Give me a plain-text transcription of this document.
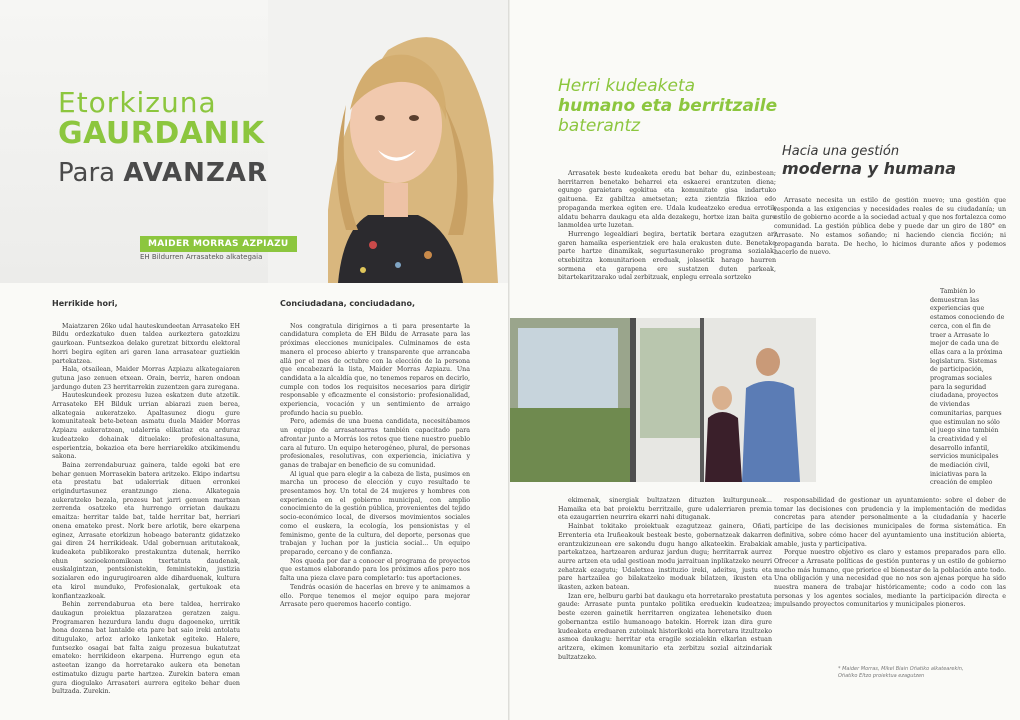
Etorkizuna
GAURDANIK
Para AVANZAR
MAIDER MORRAS AZPIAZU
EH Bildurren Arrasateko alkategaia

Herrikide hori,

Maiatzaren 26ko udal hauteskundeetan Arrasateko EH Bildu ordezkatuko duen taldea aurkeztera gatozkizu gaurkoan. Funtsezkoa delako guretzat bitxordu elektoral horri begira egiten ari garen lana arrasatear guztiekin partekatzea.

Hala, otsailean, Maider Morras Azpiazu alkategaiaren gutuna jaso zenuen etxean. Orain, berriz, haren ondoan jardungo duten 23 herritarrekin zuzentzen gara zuregana.

Hauteskundeek prozesu luzea eskatzen dute atzetik. Arrasateko EH Bilduk urrian abiarazi zuen berea, alkategaia aukeratzeko. Apaltasunez diogu gure komunitateak bete-betean asmatu duela Maider Morras Azpiazu aukeratzean, udalerria elikatiaz eta arduraz kudeatzeko dohainak dituelako: profesionaltasuna, esperientzia, bokazioa eta bere herriarekiko atxikimendu sakona.

Baina zerrendaburuaz gainera, talde egoki bat ere behar genuen Morrasekin batera aritzeko. Ekipo indartsu eta prestatu bat udalerriak dituen erronkei erigindurtasunez erantzungo ziena. Alkategaia aukeratzeko bezala, prozesu bat jarri genuen martxan zerrenda osatzeko eta hurrengo orrietan daukazu emaitza: herritar talde bat, talde herritar bat, herriari onena emateko prest. Nork bere arlotik, bere ekarpena eginez, Arrasate etorkizun hobeago baterantz gidatzeko gai diren 24 herrikideak. Udal gobernuan aritutakoak, kudeaketa publikorako prestakuntza dutenak, herriko ehun sozioekonomikoan txertatuta daudenak, euskalgintzan, pentsionistekin, feministekin, justizia sozialaren edo ingurugiroaren alde diharduenak, kultura eta kirol munduko, Profesionalak, gertukoak eta konfiantzazkoak.

Behin zerrendaburua eta bere taldea, herrirako daukagun proiektua plazaratzea geratzen zaigu. Programaren hezurdura landu dugu dagoeneko, urritik hona dozena bat lantalde eta pare bat saio ireki antolatu ditugulako, arloz arloko lanketak egiteko. Halere, funtsezko osagai bat falta zaigu prozesua bukatutzat emateko: herrikideon ekarpena. Hurrengo egun eta asteetan izango da horretarako aukera eta benetan estimatuko dizugu parte hartzea. Zurekin batera eman gura diogulako Arrasateri aurrera egiteko behar duen bultzada. Zurekin.

Conciudadana, conciudadano,

Nos congratula dirigirnos a ti para presentarte la candidatura completa de EH Bildu de Arrasate para las próximas elecciones municipales. Culminamos de esta manera el proceso abierto y transparente que arrancaba allá por el mes de octubre con la elección de la persona que encabezará la lista, Maider Morras Azpiazu. Una candidata a la alcaldía que, no tenemos reparos en decirlo, cumple con todos los requisitos necesarios para dirigir responsable y eficazmente el consistorio: profesionalidad, experiencia, vocación y un sentimiento de arraigo profundo hacia su pueblo.

Pero, además de una buena candidata, necesitábamos un equipo de arrasatearras también capacitado para afrontar junto a Morrás los retos que tiene nuestro pueblo cara al futuro. Un equipo heterogéneo, plural, de personas profesionales, resolutivas, con experiencia, iniciativa y ganas de trabajar en beneficio de su comunidad.

Al igual que para elegir a la cabeza de lista, pusimos en marcha un proceso de elección y cuyo resultado te presentamos hoy. Un total de 24 mujeres y hombres con experiencia en el gobierno municipal, con amplio conocimiento de la gestión pública, provenientes del tejido socio-económico local, de diversos movimientos sociales como el euskera, la ecología, los pensionistas y el feminismo, gente de la cultura, del deporte, personas que trabajan y luchan por la justicia social... Un equipo preparado, cercano y de confianza.

Nos queda por dar a conocer el programa de proyectos que estamos elaborando para los próximos años pero nos falta una pieza clave para completarlo: tus aportaciones.

Tendrás ocasión de hacerlas en breve y te animamos a ello. Porque tenemos el mejor equipo para mejorar Arrasate pero queremos hacerlo contigo.

Herri kudeaketa
humano eta berritzaile
baterantz
Hacia una gestión
moderna y humana

Arrasatek beste kudeaketa eredu bat behar du, ezinbestean; herritarren benetako beharrei eta eskaerei erantzuten diena; egungo garaietara egokitua eta komunitate gisa indartuko gaituena. Ez gabiltza ametsetan; ezta zientzia fikzioa edo propaganda merkea egiten ere. Udala kudeatzeko eredua errotik aldatu beharra daukagu eta alda dezakegu, hortxe izan baita gure lanmoldea urte luzetan.

Hurrengo legealdiari begira, bertatik bertara ezagutzen ari garen hamaika esperientziek ere hala erakusten dute. Benetako parte hartze dinamikak, segurtasunerako programa sozialak, etxebizitza komunitarioen ereduak, jolasetik harago haurren sormena eta garapena ere sustatzen duten parkeak, bitartekaritzarako udal zerbitzuak, enplegu erreala sortzeko

Arrasate necesita un estilo de gestión nuevo; una gestión que responda a las exigencias y necesidades reales de su ciudadanía; un estilo de gobierno acorde a la sociedad actual y que nos fortalezca como comunidad. La gestión pública debe y puede dar un giro de 180° en Arrasate. No estamos soñando; ni haciendo ciencia ficción; ni propaganda barata. De hecho, lo hicimos durante años y podemos hacerlo de nuevo.

También lo demuestran las experiencias que estamos conociendo de cerca, con el fin de traer a Arrasate lo mejor de cada una de ellas cara a la próxima legislatura. Sistemas de participación, programas sociales para la seguridad ciudadana, proyectos de viviendas comunitarias, parques que estimulan no sólo el juego sino también la creatividad y el desarrollo infantil, servicios municipales de mediación civil, iniciativas para la creación de empleo

ekimenak, sinergiak bultzatzen dituzten kulturguneak... Hamaika eta bat proiektu berritzaile, gure udalerriaren premia eta ezaugarrien neurrira ekarri nahi dituganak.

Hainbat tokitako proiektuak ezagutzeaz gainera, Oñati, Errenteria eta Iruñeakouk besteak beste, gobernatzeak dakarren erantzukizunean ere sakondu dugu hango alkateekin. Erabakiak partekatzea, hartzearen arduraz jardun dugu; herritarrak aurrez aurre artzen eta udal gestioan modu jarraituan inplikatzeko neurri zehatzak ezagutu; Udaletxea instituzio ireki, adeitsu, justu eta pare hartzailea go bilakatzeko moduak bilatzen, ikusten eta ikasten, azken batean.

Izan ere, helburu garbi bat daukagu eta horretarako prestatuta gaude: Arrasate punta puntako politika ereduekin kudeatzea; beste ezeren gainetik herritarren ongizatea lehenetsiko duen gobernantza estilo humanoago batekin. Horrek izan dira gure kudeaketa ereduaren zutoinak historikoki eta horretara itzultzeko asmoa daukagu: herritar eta eragile sozialekin elkarlan estuan aritzera, ekimen komunitario eta zerbitzu sozial aitzindariak bultzatzeko.

responsabilidad de gestionar un ayuntamiento: sobre el deber de tomar las decisiones con prudencia y la implementación de medidas concretas para atender personalmente a la ciudadanía y hacerle partícipe de las decisiones municipales de forma sistemática. En definitiva, sobre cómo hacer del ayuntamiento una institución abierta, amable, justa y participativa.

Porque nuestro objetivo es claro y estamos preparados para ello. Ofrecer a Arrasate políticas de gestión punteras y un estilo de gobierno mucho más humano, que priorice el bienestar de la población ante todo. Una obligación y una necesidad que no nos son ajenas porque ha sido nuestra manera de trabajar históricamente; codo a codo con las personas y los agentes sociales, mediante la participación directa e impulsando proyectos comunitarios y municipales pioneros.

* Maider Morras, Mikel Biain Oñatiko alkatearekin, Oñatiko Eltzo proiektua ezagutzen
